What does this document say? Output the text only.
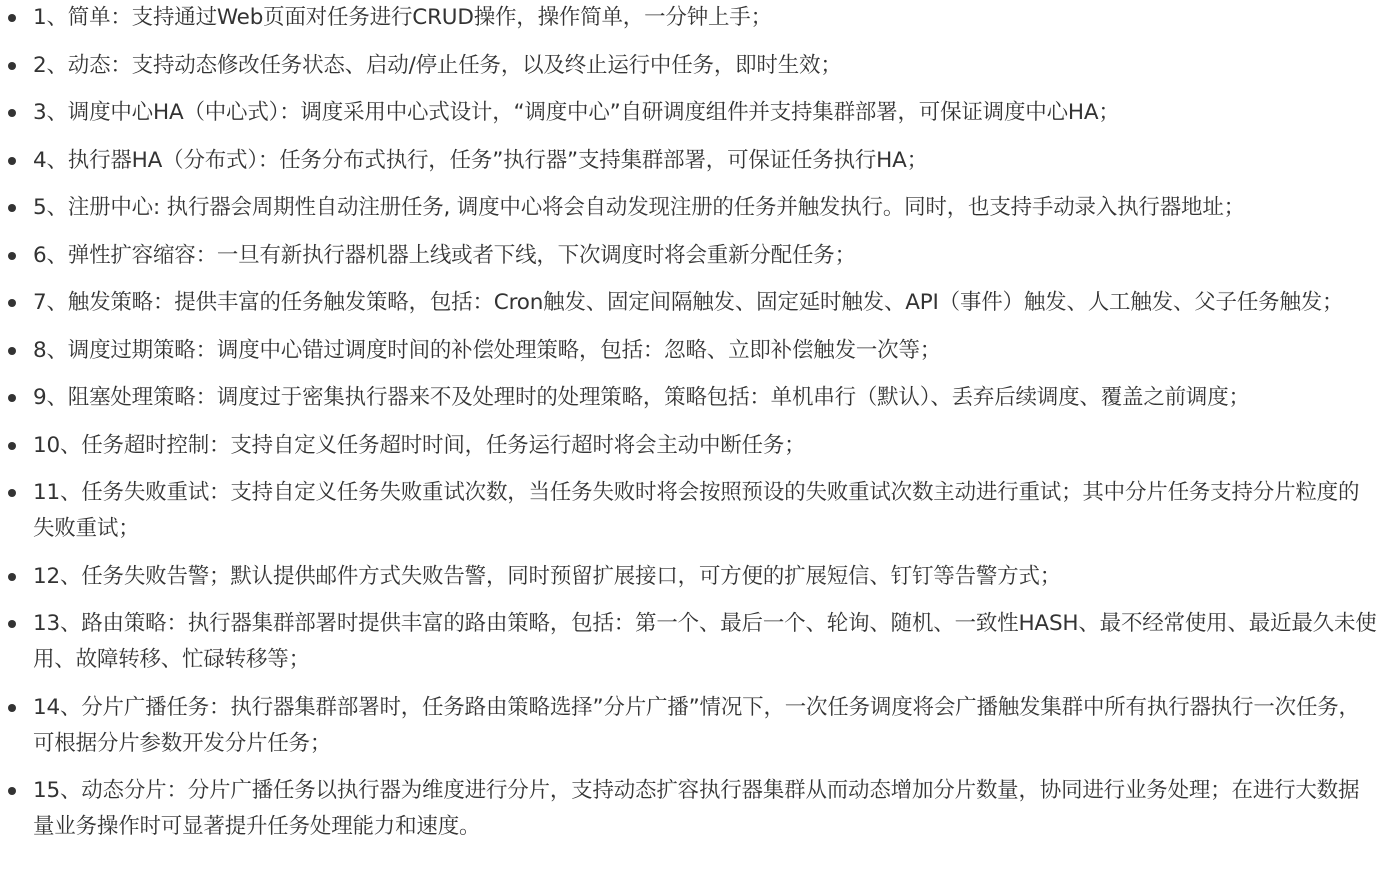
1、简单：支持通过Web页面对任务进行CRUD操作，操作简单，一分钟上手；
2、动态：支持动态修改任务状态、启动/停止任务，以及终止运行中任务，即时生效；
3、调度中心HA（中心式）：调度采用中心式设计，“调度中心”自研调度组件并支持集群部署，可保证调度中心HA；
4、执行器HA（分布式）：任务分布式执行，任务”执行器”支持集群部署，可保证任务执行HA；
5、注册中心: 执行器会周期性自动注册任务, 调度中心将会自动发现注册的任务并触发执行。同时，也支持手动录入执行器地址；
6、弹性扩容缩容：一旦有新执行器机器上线或者下线，下次调度时将会重新分配任务；
7、触发策略：提供丰富的任务触发策略，包括：Cron触发、固定间隔触发、固定延时触发、API（事件）触发、人工触发、父子任务触发；
8、调度过期策略：调度中心错过调度时间的补偿处理策略，包括：忽略、立即补偿触发一次等；
9、阻塞处理策略：调度过于密集执行器来不及处理时的处理策略，策略包括：单机串行（默认）、丢弃后续调度、覆盖之前调度；
10、任务超时控制：支持自定义任务超时时间，任务运行超时将会主动中断任务；
11、任务失败重试：支持自定义任务失败重试次数，当任务失败时将会按照预设的失败重试次数主动进行重试；其中分片任务支持分片粒度的失败重试；
12、任务失败告警；默认提供邮件方式失败告警，同时预留扩展接口，可方便的扩展短信、钉钉等告警方式；
13、路由策略：执行器集群部署时提供丰富的路由策略，包括：第一个、最后一个、轮询、随机、一致性HASH、最不经常使用、最近最久未使用、故障转移、忙碌转移等；
14、分片广播任务：执行器集群部署时，任务路由策略选择”分片广播”情况下，一次任务调度将会广播触发集群中所有执行器执行一次任务，可根据分片参数开发分片任务；
15、动态分片：分片广播任务以执行器为维度进行分片，支持动态扩容执行器集群从而动态增加分片数量，协同进行业务处理；在进行大数据量业务操作时可显著提升任务处理能力和速度。
